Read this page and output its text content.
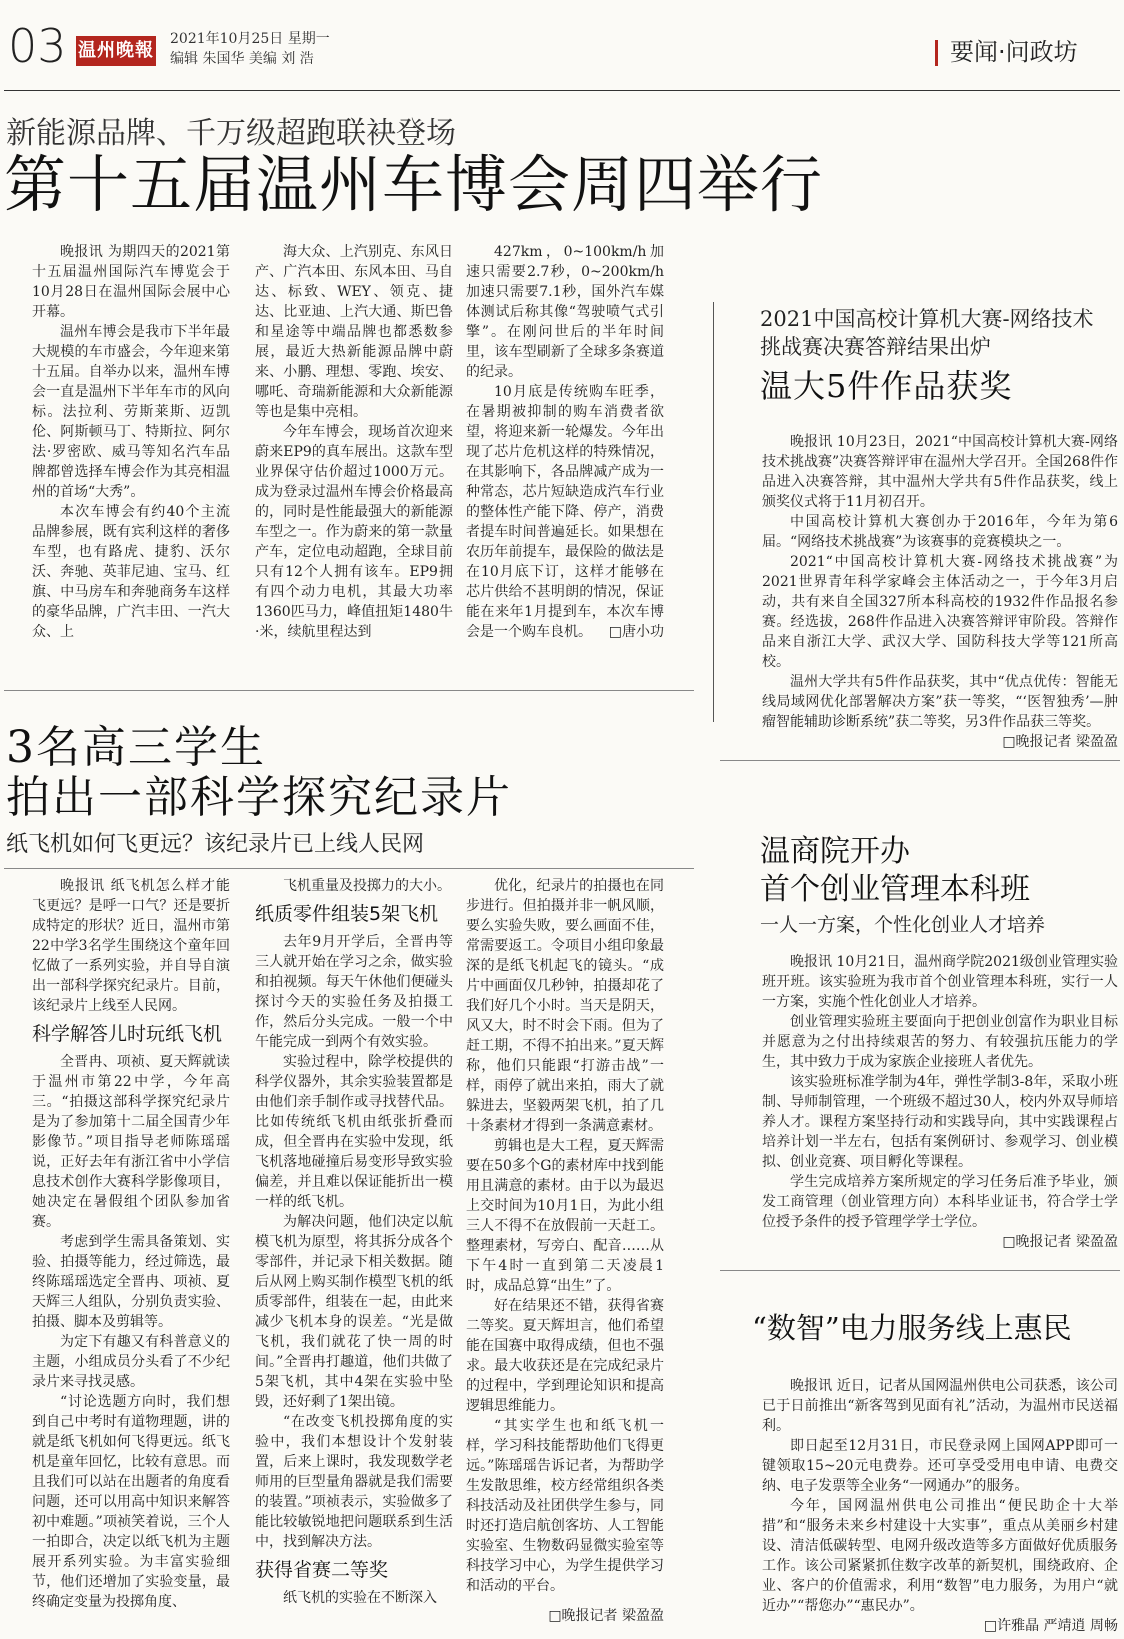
03 温州晚報
2021年10月25日 星期一
编辑 朱国华 美编 刘 浩	要闻·问政坊
新能源品牌、千万级超跑联袂登场
第十五届温州车博会周四举行

晚报讯 为期四天的2021第十五届温州国际汽车博览会于10月28日在温州国际会展中心开幕。

温州车博会是我市下半年最大规模的车市盛会，今年迎来第十五届。自举办以来，温州车博会一直是温州下半年车市的风向标。法拉利、劳斯莱斯、迈凯伦、阿斯顿马丁、特斯拉、阿尔法·罗密欧、威马等知名汽车品牌都曾选择车博会作为其亮相温州的首场“大秀”。

本次车博会有约40个主流品牌参展，既有宾利这样的奢侈车型，也有路虎、捷豹、沃尔沃、奔驰、英菲尼迪、宝马、红旗、中马房车和奔驰商务车这样的豪华品牌，广汽丰田、一汽大众、上

海大众、上汽别克、东风日产、广汽本田、东风本田、马自达、标致、WEY、领克、捷达、比亚迪、上汽大通、斯巴鲁和星途等中端品牌也都悉数参展，最近大热新能源品牌中蔚来、小鹏、理想、零跑、埃安、哪吒、奇瑞新能源和大众新能源等也是集中亮相。

今年车博会，现场首次迎来蔚来EP9的真车展出。这款车型业界保守估价超过1000万元。成为登录过温州车博会价格最高的，同时是性能最强大的新能源车型之一。作为蔚来的第一款量产车，定位电动超跑，全球目前只有12个人拥有该车。EP9拥有四个动力电机，其最大功率1360匹马力，峰值扭矩1480牛·米，续航里程达到

427km，0~100km/h加速只需要2.7秒，0~200km/h加速只需要7.1秒，国外汽车媒体测试后称其像“驾驶喷气式引擎”。在刚问世后的半年时间里，该车型刷新了全球多条赛道的纪录。

10月底是传统购车旺季，在暑期被抑制的购车消费者欲望，将迎来新一轮爆发。今年出现了芯片危机这样的特殊情况，在其影响下，各品牌减产成为一种常态，芯片短缺造成汽车行业的整体性产能下降、停产，消费者提车时间普遍延长。如果想在农历年前提车，最保险的做法是在10月底下订，这样才能够在芯片供给不甚明朗的情况，保证能在来年1月提到车，本次车博会是一个购车良机。	□唐小功

2021中国高校计算机大赛-网络技术
挑战赛决赛答辩结果出炉
温大5件作品获奖

晚报讯 10月23日，2021“中国高校计算机大赛-网络技术挑战赛”决赛答辩评审在温州大学召开。全国268件作品进入决赛答辩，其中温州大学共有5件作品获奖，线上颁奖仪式将于11月初召开。

中国高校计算机大赛创办于2016年，今年为第6届。“网络技术挑战赛”为该赛事的竞赛模块之一。

2021“中国高校计算机大赛-网络技术挑战赛”为2021世界青年科学家峰会主体活动之一，于今年3月启动，共有来自全国327所本科高校的1932件作品报名参赛。经选拔，268件作品进入决赛答辩评审阶段。答辩作品来自浙江大学、武汉大学、国防科技大学等121所高校。

温州大学共有5件作品获奖，其中“优点优传：智能无线局域网优化部署解决方案”获一等奖，“‘医智独秀’—肿瘤智能辅助诊断系统”获二等奖，另3件作品获三等奖。

□晚报记者 梁盈盈

3名高三学生
拍出一部科学探究纪录片
纸飞机如何飞更远？该纪录片已上线人民网

晚报讯 纸飞机怎么样才能飞更远？是呼一口气？还是要折成特定的形状？近日，温州市第22中学3名学生围绕这个童年回忆做了一系列实验，并自导自演出一部科学探究纪录片。目前，该纪录片上线至人民网。

科学解答儿时玩纸飞机

全晋冉、项祯、夏天辉就读于温州市第22中学，今年高三。“拍摄这部科学探究纪录片是为了参加第十二届全国青少年影像节。”项目指导老师陈瑶瑶说，正好去年有浙江省中小学信息技术创作大赛科学影像项目，她决定在暑假组个团队参加省赛。

考虑到学生需具备策划、实验、拍摄等能力，经过筛选，最终陈瑶瑶选定全晋冉、项祯、夏天辉三人组队，分别负责实验、拍摄、脚本及剪辑等。

为定下有趣又有科普意义的主题，小组成员分头看了不少纪录片来寻找灵感。

“讨论选题方向时，我们想到自己中考时有道物理题，讲的就是纸飞机如何飞得更远。纸飞机是童年回忆，比较有意思。而且我们可以站在出题者的角度看问题，还可以用高中知识来解答初中难题。”项祯笑着说，三个人一拍即合，决定以纸飞机为主题展开系列实验。为丰富实验细节，他们还增加了实验变量，最终确定变量为投掷角度、

飞机重量及投掷力的大小。

纸质零件组装5架飞机

去年9月开学后，全晋冉等三人就开始在学习之余，做实验和拍视频。每天午休他们便碰头探讨今天的实验任务及拍摄工作，然后分头完成。一般一个中午能完成一到两个有效实验。

实验过程中，除学校提供的科学仪器外，其余实验装置都是由他们亲手制作或寻找替代品。比如传统纸飞机由纸张折叠而成，但全晋冉在实验中发现，纸飞机落地碰撞后易变形导致实验偏差，并且难以保证能折出一模一样的纸飞机。

为解决问题，他们决定以航模飞机为原型，将其拆分成各个零部件，并记录下相关数据。随后从网上购买制作模型飞机的纸质零部件，组装在一起，由此来减少飞机本身的误差。“光是做飞机，我们就花了快一周的时间。”全晋冉打趣道，他们共做了5架飞机，其中4架在实验中坠毁，还好剩了1架出镜。

“在改变飞机投掷角度的实验中，我们本想设计个发射装置，后来上课时，我发现数学老师用的巨型量角器就是我们需要的装置。”项祯表示，实验做多了能比较敏锐地把问题联系到生活中，找到解决方法。

获得省赛二等奖

纸飞机的实验在不断深入

优化，纪录片的拍摄也在同步进行。但拍摄并非一帆风顺，要么实验失败，要么画面不佳，常需要返工。令项目小组印象最深的是纸飞机起飞的镜头。“成片中画面仅几秒钟，拍摄却花了我们好几个小时。当天是阴天，风又大，时不时会下雨。但为了赶工期，不得不拍出来。”夏天辉称，他们只能跟“打游击战”一样，雨停了就出来拍，雨大了就躲进去，坚毅两架飞机，拍了几十条素材才得到一条满意素材。

剪辑也是大工程，夏天辉需要在50多个G的素材库中找到能用且满意的素材。由于以为最迟上交时间为10月1日，为此小组三人不得不在放假前一天赶工。整理素材，写旁白、配音……从下午4时一直到第二天凌晨1时，成品总算“出生”了。

好在结果还不错，获得省赛二等奖。夏天辉坦言，他们希望能在国赛中取得成绩，但也不强求。最大收获还是在完成纪录片的过程中，学到理论知识和提高逻辑思维能力。

“其实学生也和纸飞机一样，学习科技能帮助他们飞得更远。”陈瑶瑶告诉记者，为帮助学生发散思维，校方经常组织各类科技活动及社团供学生参与，同时还打造启航创客坊、人工智能实验室、生物数码显微实验室等科技学习中心，为学生提供学习和活动的平台。

□晚报记者 梁盈盈

温商院开办
首个创业管理本科班
一人一方案，个性化创业人才培养

晚报讯 10月21日，温州商学院2021级创业管理实验班开班。该实验班为我市首个创业管理本科班，实行一人一方案，实施个性化创业人才培养。

创业管理实验班主要面向于把创业创富作为职业目标并愿意为之付出持续艰苦的努力、有较强抗压能力的学生，其中致力于成为家族企业接班人者优先。

该实验班标准学制为4年，弹性学制3-8年，采取小班制、导师制管理，一个班级不超过30人，校内外双导师培养人才。课程方案坚持行动和实践导向，其中实践课程占培养计划一半左右，包括有案例研讨、参观学习、创业模拟、创业竞赛、项目孵化等课程。

学生完成培养方案所规定的学习任务后准予毕业，颁发工商管理（创业管理方向）本科毕业证书，符合学士学位授予条件的授予管理学学士学位。

□晚报记者 梁盈盈

“数智”电力服务线上惠民

晚报讯 近日，记者从国网温州供电公司获悉，该公司已于日前推出“新客驾到见面有礼”活动，为温州市民送福利。

即日起至12月31日，市民登录网上国网APP即可一键领取15~20元电费券。还可享受受用电申请、电费交纳、电子发票等全业务“一网通办”的服务。

今年，国网温州供电公司推出“便民助企十大举措”和“服务未来乡村建设十大实事”，重点从美丽乡村建设、清洁低碳转型、电网升级改造等多方面做好优质服务工作。该公司紧紧抓住数字改革的新契机，围绕政府、企业、客户的价值需求，利用“数智”电力服务，为用户“就近办”“帮您办”“惠民办”。

□许雅晶 严靖逍 周畅
